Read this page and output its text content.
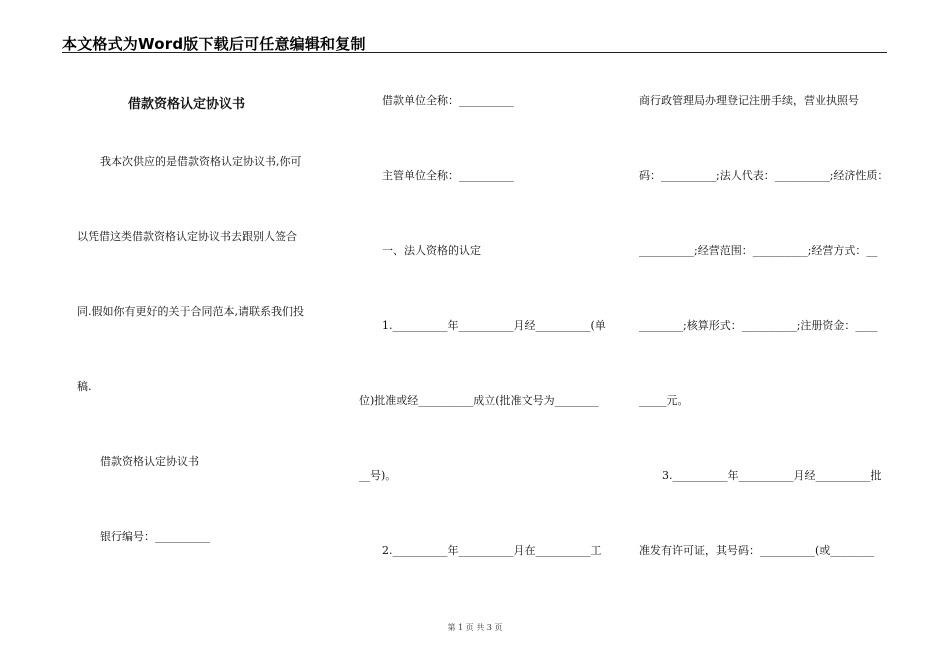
本文格式为Word版下载后可任意编辑和复制
借款资格认定协议书
我本次供应的是借款资格认定协议书,你可
以凭借这类借款资格认定协议书去跟别人签合
同.假如你有更好的关于合同范本,请联系我们投
稿.
借款资格认定协议书
银行编号：__________
借款单位全称：__________
主管单位全称：__________
一、法人资格的认定
1.__________年__________月经__________(单
位)批准或经__________成立(批准文号为________
__号)。
2.__________年__________月在__________工
商行政管理局办理登记注册手续，营业执照号
码：__________;法人代表：__________;经济性质：
__________;经营范围：__________;经营方式：__
________;核算形式：__________;注册资金：____
_____元。
3.__________年__________月经__________批
准发有许可证，其号码：__________(或________
第 1 页 共 3 页
